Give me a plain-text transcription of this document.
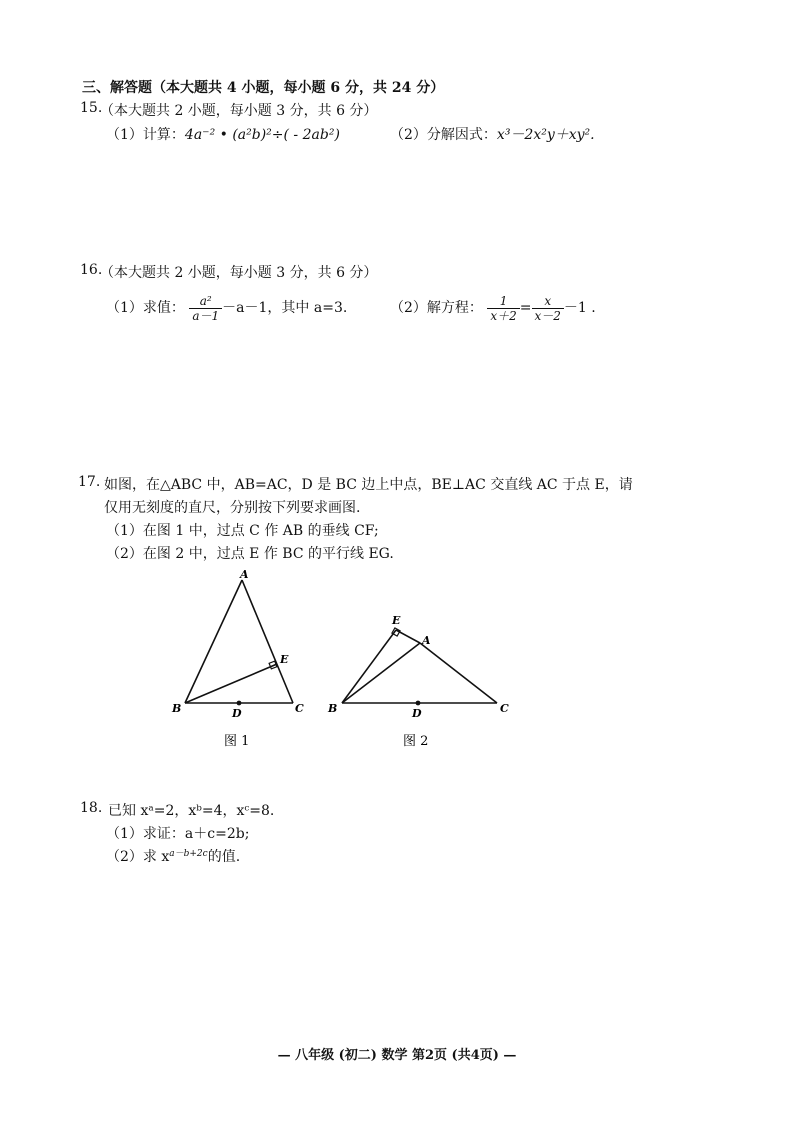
三、解答题（本大题共 4 小题，每小题 6 分，共 24 分）
15.
（本大题共 2 小题，每小题 3 分，共 6 分）
（1）计算：4a⁻² • (a²b)²÷( - 2ab²)	（2）分解因式：x³－2x²y＋xy².
16.
（本大题共 2 小题，每小题 3 分，共 6 分）
（1）求值： $\frac{\text{a²}}{a-1} -a-1$，其中 a=3.	（2）解方程： $\frac{1}{x+2} = \frac{x}{x-2} -1$ .
17. 如图，在△ABC 中，AB=AC，D 是 BC 边上中点，BE⊥AC 交直线 AC 于点 E，请
仅用无刻度的直尺，分别按下列要求画图.
（1）在图 1 中，过点 C 作 AB 的垂线 CF;
（2）在图 2 中，过点 E 作 BC 的平行线 EG.
A
B	C
D
E
图 1
E
A
B	C
D
图 2
18. 已知 xᵃ=2，xᵇ=4，xᶜ=8.
（1）求证：a＋c=2b;
（2）求 $x^{a-b+2c}$的值.
— 八年级 (初二) 数学 第2页 (共4页) —
